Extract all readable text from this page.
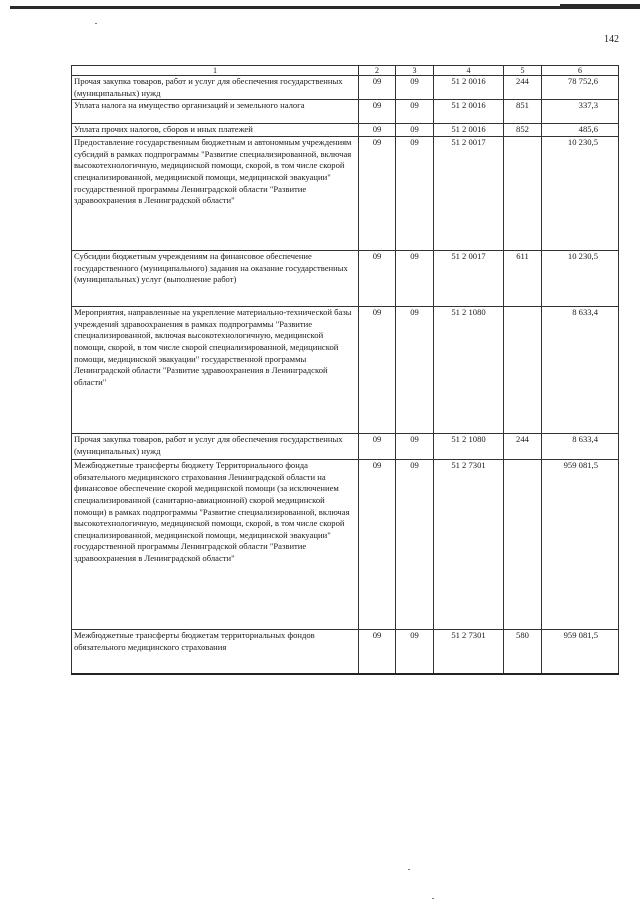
142
1	2	3	4	5	6
Прочая закупка товаров, работ и услуг для обеспечения государственных (муниципальных) нужд	09	09	51 2 0016	244	78 752,6
Уплата налога на имущество организаций и земельного налога	09	09	51 2 0016	851	337,3
Уплата прочих налогов, сборов и иных платежей	09	09	51 2 0016	852	485,6
Предоставление государственным бюджетным и автономным учреждениям субсидий в рамках подпрограммы "Развитие специализированной, включая высокотехнологичную, медицинской помощи, скорой, в том числе скорой специализированной, медицинской помощи, медицинской эвакуации" государственной программы Ленинградской области "Развитие здравоохранения в Ленинградской области"	09	09	51 2 0017		10 230,5
Субсидии бюджетным учреждениям на финансовое обеспечение государственного (муниципального) задания на оказание государственных (муниципальных) услуг (выполнение работ)	09	09	51 2 0017	611	10 230,5
Мероприятия, направленные на укрепление материально-технической базы учреждений здравоохранения в рамках подпрограммы "Развитие специализированной, включая высокотехнологичную, медицинской помощи, скорой, в том числе скорой специализированной, медицинской помощи, медицинской эвакуации" государственной программы Ленинградской области "Развитие здравоохранения в Ленинградской области"	09	09	51 2 1080		8 633,4
Прочая закупка товаров, работ и услуг для обеспечения государственных (муниципальных) нужд	09	09	51 2 1080	244	8 633,4
Межбюджетные трансферты бюджету Территориального фонда обязательного медицинского страхования Ленинградской области на финансовое обеспечение скорой медицинской помощи (за исключением специализированной (санитарно-авиационной) скорой медицинской помощи) в рамках подпрограммы "Развитие специализированной, включая высокотехнологичную, медицинской помощи, скорой, в том числе скорой специализированной, медицинской помощи, медицинской эвакуации" государственной программы Ленинградской области "Развитие здравоохранения в Ленинградской области"	09	09	51 2 7301		959 081,5
Межбюджетные трансферты бюджетам территориальных фондов обязательного медицинского страхования	09	09	51 2 7301	580	959 081,5
